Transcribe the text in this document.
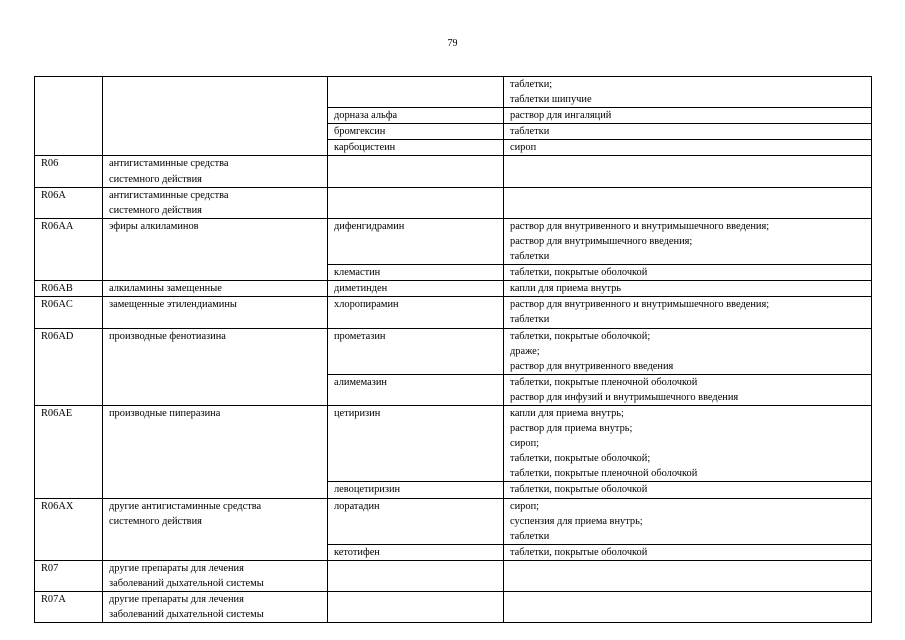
79
			таблетки;
таблетки шипучие
		дорназа альфа	раствор для ингаляций
		бромгексин	таблетки
		карбоцистеин	сироп
R06	антигистаминные средства
системного действия		
R06A	антигистаминные средства
системного действия		
R06AA	эфиры алкиламинов	дифенгидрамин	раствор для внутривенного и внутримышечного введения;
раствор для внутримышечного введения;
таблетки
		клемастин	таблетки, покрытые оболочкой
R06AB	алкиламины замещенные	диметинден	капли для приема внутрь
R06AC	замещенные этилендиамины	хлоропирамин	раствор для внутривенного и внутримышечного введения;
таблетки
R06AD	производные фенотиазина	прометазин	таблетки, покрытые оболочкой;
драже;
раствор для внутривенного введения
		алимемазин	таблетки, покрытые пленочной оболочкой
раствор для инфузий и внутримышечного введения
R06AE	производные пиперазина	цетиризин	капли для приема внутрь;
раствор для приема внутрь;
сироп;
таблетки, покрытые оболочкой;
таблетки, покрытые пленочной оболочкой
		левоцетиризин	таблетки, покрытые оболочкой
R06AX	другие антигистаминные средства
системного действия	лоратадин	сироп;
суспензия для приема внутрь;
таблетки
		кетотифен	таблетки, покрытые оболочкой
R07	другие препараты для лечения
заболеваний дыхательной системы		
R07A	другие препараты для лечения
заболеваний дыхательной системы		
